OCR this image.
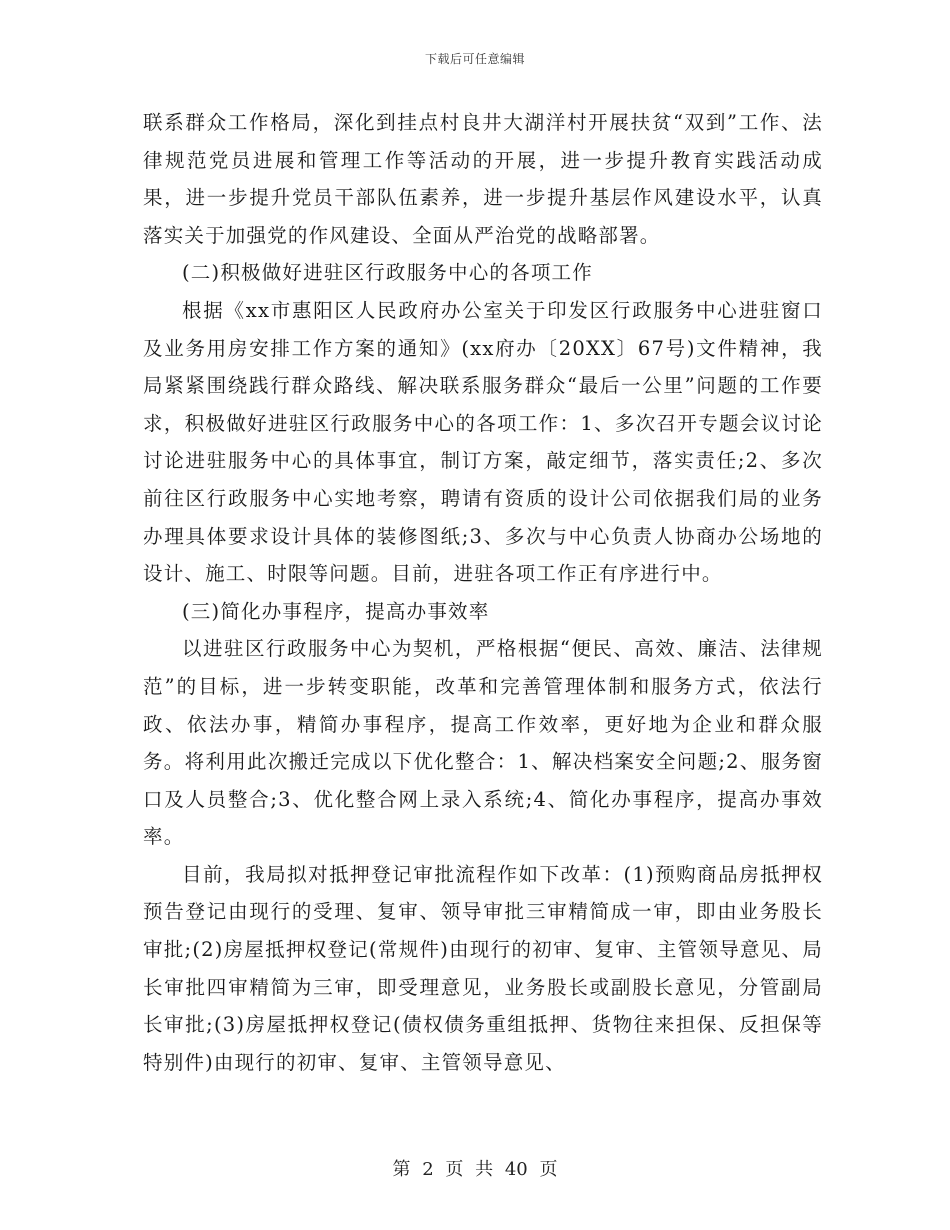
下载后可任意编辑

联系群众工作格局，深化到挂点村良井大湖洋村开展扶贫“双到”工作、法律规范党员进展和管理工作等活动的开展，进一步提升教育实践活动成果，进一步提升党员干部队伍素养，进一步提升基层作风建设水平，认真落实关于加强党的作风建设、全面从严治党的战略部署。

(二)积极做好进驻区行政服务中心的各项工作

根据《xx市惠阳区人民政府办公室关于印发区行政服务中心进驻窗口及业务用房安排工作方案的通知》(xx府办〔20XX〕67号)文件精神，我局紧紧围绕践行群众路线、解决联系服务群众“最后一公里”问题的工作要求，积极做好进驻区行政服务中心的各项工作：1、多次召开专题会议讨论讨论进驻服务中心的具体事宜，制订方案，敲定细节，落实责任;2、多次前往区行政服务中心实地考察，聘请有资质的设计公司依据我们局的业务办理具体要求设计具体的装修图纸;3、多次与中心负责人协商办公场地的设计、施工、时限等问题。目前，进驻各项工作正有序进行中。

(三)简化办事程序，提高办事效率

以进驻区行政服务中心为契机，严格根据“便民、高效、廉洁、法律规范”的目标，进一步转变职能，改革和完善管理体制和服务方式，依法行政、依法办事，精简办事程序，提高工作效率，更好地为企业和群众服务。将利用此次搬迁完成以下优化整合：1、解决档案安全问题;2、服务窗口及人员整合;3、优化整合网上录入系统;4、简化办事程序，提高办事效率。

目前，我局拟对抵押登记审批流程作如下改革：(1)预购商品房抵押权预告登记由现行的受理、复审、领导审批三审精简成一审，即由业务股长审批;(2)房屋抵押权登记(常规件)由现行的初审、复审、主管领导意见、局长审批四审精简为三审，即受理意见，业务股长或副股长意见，分管副局长审批;(3)房屋抵押权登记(债权债务重组抵押、货物往来担保、反担保等特别件)由现行的初审、复审、主管领导意见、

第 2 页 共 40 页
